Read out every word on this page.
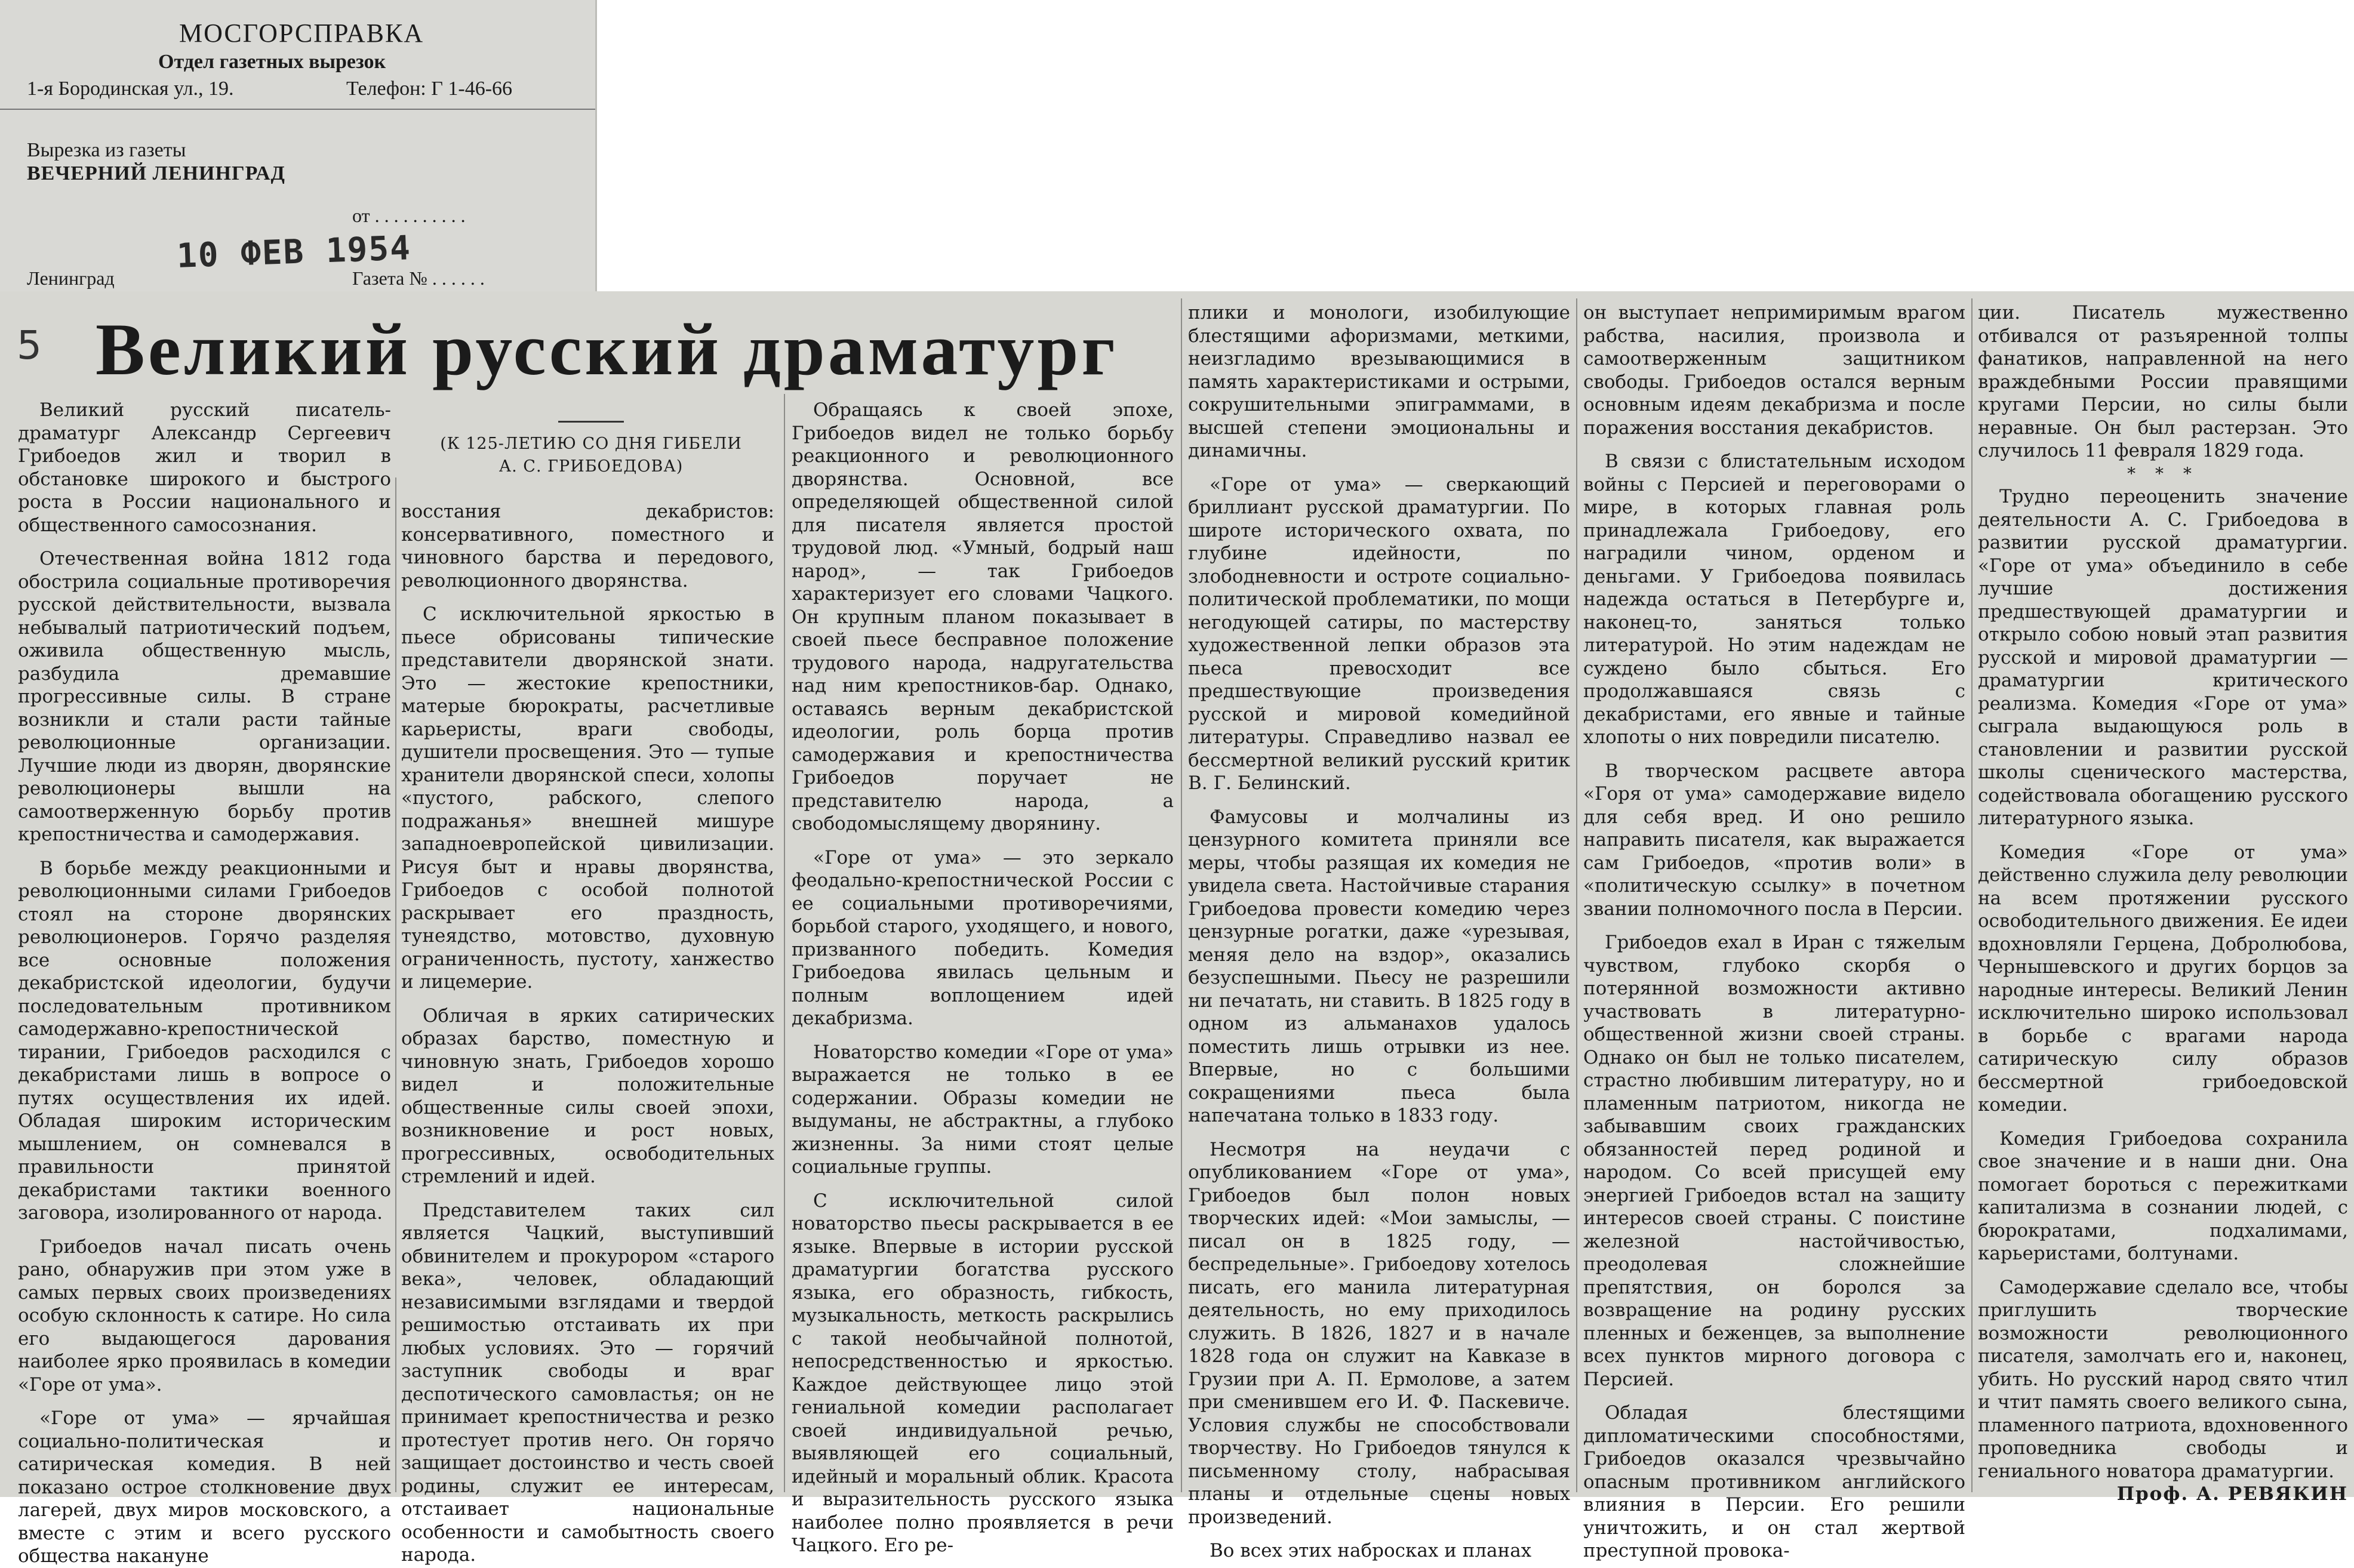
МОСГОРСПРАВКА
Отдел газетных вырезок
1-я Бородинская ул., 19.	Телефон: Г 1-46-66
Вырезка из газеты
ВЕЧЕРНИЙ ЛЕНИНГРАД
от . . . . . . . . . .
10 ФЕВ 1954
Ленинград	Газета № . . . . . .
5 Великий русский драматург
(К 125-ЛЕТИЮ СО ДНЯ ГИБЕЛИ
А. С. ГРИБОЕДОВА)

Великий русский писатель-драматург Александр Сергеевич Грибоедов жил и творил в обстановке широкого и быстрого роста в России национального и общественного самосознания.

Отечественная война 1812 года обострила социальные противоречия русской действительности, вызвала небывалый патриотический подъем, оживила общественную мысль, разбудила дремавшие прогрессивные силы. В стране возникли и стали расти тайные революционные организации. Лучшие люди из дворян, дворянские революционеры вышли на самоотверженную борьбу против крепостничества и самодержавия.

В борьбе между реакционными и революционными силами Грибоедов стоял на стороне дворянских революционеров. Горячо разделяя все основные положения декабристской идеологии, будучи последовательным противником самодержавно-крепостнической тирании, Грибоедов расходился с декабристами лишь в вопросе о путях осуществления их идей. Обладая широким историческим мышлением, он сомневался в правильности принятой декабристами тактики военного заговора, изолированного от народа.

Грибоедов начал писать очень рано, обнаружив при этом уже в самых первых своих произведениях особую склонность к сатире. Но сила его выдающегося дарования наиболее ярко проявилась в комедии «Горе от ума».

«Горе от ума» — ярчайшая социально-политическая и сатирическая комедия. В ней показано острое столкновение двух лагерей, двух миров московского, а вместе с этим и всего русского общества накануне

восстания декабристов: консервативного, поместного и чиновного барства и передового, революционного дворянства.

С исключительной яркостью в пьесе обрисованы типические представители дворянской знати. Это — жестокие крепостники, матерые бюрократы, расчетливые карьеристы, враги свободы, душители просвещения. Это — тупые хранители дворянской спеси, холопы «пустого, рабского, слепого подражанья» внешней мишуре западноевропейской цивилизации. Рисуя быт и нравы дворянства, Грибоедов с особой полнотой раскрывает его праздность, тунеядство, мотовство, духовную ограниченность, пустоту, ханжество и лицемерие.

Обличая в ярких сатирических образах барство, поместную и чиновную знать, Грибоедов хорошо видел и положительные общественные силы своей эпохи, возникновение и рост новых, прогрессивных, освободительных стремлений и идей.

Представителем таких сил является Чацкий, выступивший обвинителем и прокурором «старого века», человек, обладающий независимыми взглядами и твердой решимостью отстаивать их при любых условиях. Это — горячий заступник свободы и враг деспотического самовластья; он не принимает крепостничества и резко протестует против него. Он горячо защищает достоинство и честь своей родины, служит ее интересам, отстаивает национальные особенности и самобытность своего народа.

Обращаясь к своей эпохе, Грибоедов видел не только борьбу реакционного и революционного дворянства. Основной, все определяющей общественной силой для писателя является простой трудовой люд. «Умный, бодрый наш народ», — так Грибоедов характеризует его словами Чацкого. Он крупным планом показывает в своей пьесе бесправное положение трудового народа, надругательства над ним крепостников-бар. Однако, оставаясь верным декабристской идеологии, роль борца против самодержавия и крепостничества Грибоедов поручает не представителю народа, а свободомыслящему дворянину.

«Горе от ума» — это зеркало феодально-крепостнической России с ее социальными противоречиями, борьбой старого, уходящего, и нового, призванного победить. Комедия Грибоедова явилась цельным и полным воплощением идей декабризма.

Новаторство комедии «Горе от ума» выражается не только в ее содержании. Образы комедии не выдуманы, не абстрактны, а глубоко жизненны. За ними стоят целые социальные группы.

С исключительной силой новаторство пьесы раскрывается в ее языке. Впервые в истории русской драматургии богатства русского языка, его образность, гибкость, музыкальность, меткость раскрылись с такой необычайной полнотой, непосредственностью и яркостью. Каждое действующее лицо этой гениальной комедии располагает своей индивидуальной речью, выявляющей его социальный, идейный и моральный облик. Красота и выразительность русского языка наиболее полно проявляется в речи Чацкого. Его ре-

плики и монологи, изобилующие блестящими афоризмами, меткими, неизгладимо врезывающимися в память характеристиками и острыми, сокрушительными эпиграммами, в высшей степени эмоциональны и динамичны.

«Горе от ума» — сверкающий бриллиант русской драматургии. По широте исторического охвата, по глубине идейности, по злободневности и остроте социально-политической проблематики, по мощи негодующей сатиры, по мастерству художественной лепки образов эта пьеса превосходит все предшествующие произведения русской и мировой комедийной литературы. Справедливо назвал ее бессмертной великий русский критик В. Г. Белинский.

Фамусовы и молчалины из цензурного комитета приняли все меры, чтобы разящая их комедия не увидела света. Настойчивые старания Грибоедова провести комедию через цензурные рогатки, даже «урезывая, меняя дело на вздор», оказались безуспешными. Пьесу не разрешили ни печатать, ни ставить. В 1825 году в одном из альманахов удалось поместить лишь отрывки из нее. Впервые, но с большими сокращениями пьеса была напечатана только в 1833 году.

Несмотря на неудачи с опубликованием «Горе от ума», Грибоедов был полон новых творческих идей: «Мои замыслы, — писал он в 1825 году, — беспредельные». Грибоедову хотелось писать, его манила литературная деятельность, но ему приходилось служить. В 1826, 1827 и в начале 1828 года он служит на Кавказе в Грузии при А. П. Ермолове, а затем при сменившем его И. Ф. Паскевиче. Условия службы не способствовали творчеству. Но Грибоедов тянулся к письменному столу, набрасывая планы и отдельные сцены новых произведений.

Во всех этих набросках и планах

он выступает непримиримым врагом рабства, насилия, произвола и самоотверженным защитником свободы. Грибоедов остался верным основным идеям декабризма и после поражения восстания декабристов.

В связи с блистательным исходом войны с Персией и переговорами о мире, в которых главная роль принадлежала Грибоедову, его наградили чином, орденом и деньгами. У Грибоедова появилась надежда остаться в Петербурге и, наконец-то, заняться только литературой. Но этим надеждам не суждено было сбыться. Его продолжавшаяся связь с декабристами, его явные и тайные хлопоты о них повредили писателю.

В творческом расцвете автора «Горя от ума» самодержавие видело для себя вред. И оно решило направить писателя, как выражается сам Грибоедов, «против воли» в «политическую ссылку» в почетном звании полномочного посла в Персии.

Грибоедов ехал в Иран с тяжелым чувством, глубоко скорбя о потерянной возможности активно участвовать в литературно-общественной жизни своей страны. Однако он был не только писателем, страстно любившим литературу, но и пламенным патриотом, никогда не забывавшим своих гражданских обязанностей перед родиной и народом. Со всей присущей ему энергией Грибоедов встал на защиту интересов своей страны. С поистине железной настойчивостью, преодолевая сложнейшие препятствия, он боролся за возвращение на родину русских пленных и беженцев, за выполнение всех пунктов мирного договора с Персией.

Обладая блестящими дипломатическими способностями, Грибоедов оказался чрезвычайно опасным противником английского влияния в Персии. Его решили уничтожить, и он стал жертвой преступной провока-

ции. Писатель мужественно отбивался от разъяренной толпы фанатиков, направленной на него враждебными России правящими кругами Персии, но силы были неравные. Он был растерзан. Это случилось 11 февраля 1829 года.

* * *

Трудно переоценить значение деятельности А. С. Грибоедова в развитии русской драматургии. «Горе от ума» объединило в себе лучшие достижения предшествующей драматургии и открыло собою новый этап развития русской и мировой драматургии — драматургии критического реализма. Комедия «Горе от ума» сыграла выдающуюся роль в становлении и развитии русской школы сценического мастерства, содействовала обогащению русского литературного языка.

Комедия «Горе от ума» действенно служила делу революции на всем протяжении русского освободительного движения. Ее идеи вдохновляли Герцена, Добролюбова, Чернышевского и других борцов за народные интересы. Великий Ленин исключительно широко использовал в борьбе с врагами народа сатирическую силу образов бессмертной грибоедовской комедии.

Комедия Грибоедова сохранила свое значение и в наши дни. Она помогает бороться с пережитками капитализма в сознании людей, с бюрократами, подхалимами, карьеристами, болтунами.

Самодержавие сделало все, чтобы приглушить творческие возможности революционного писателя, замолчать его и, наконец, убить. Но русский народ свято чтил и чтит память своего великого сына, пламенного патриота, вдохновенного проповедника свободы и гениального новатора драматургии.

Проф. А. РЕВЯКИН
